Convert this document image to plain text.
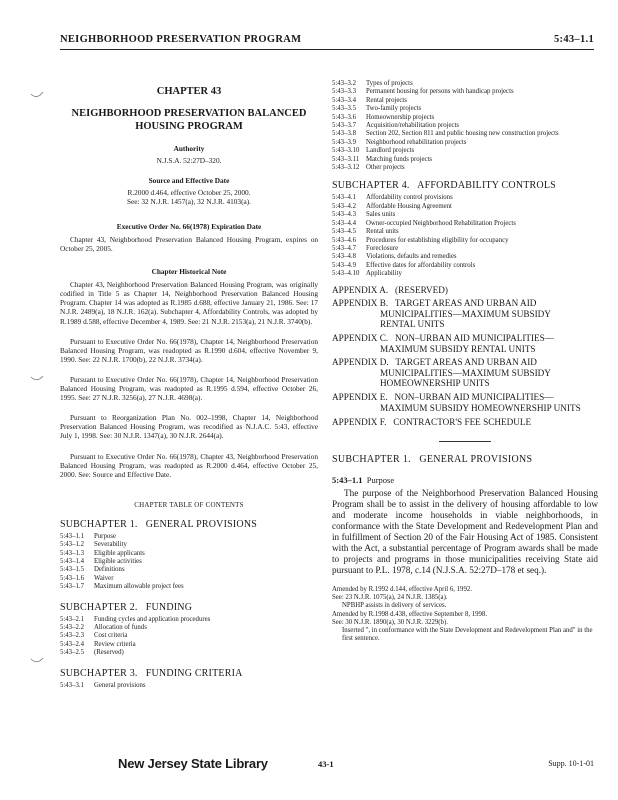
NEIGHBORHOOD PRESERVATION PROGRAM	5:43–1.1
CHAPTER 43
NEIGHBORHOOD PRESERVATION BALANCED
HOUSING PROGRAM
Authority
N.J.S.A. 52:27D–320.
Source and Effective Date
R.2000 d.464, effective October 25, 2000.
See: 32 N.J.R. 1457(a), 32 N.J.R. 4103(a).
Executive Order No. 66(1978) Expiration Date
Chapter 43, Neighborhood Preservation Balanced Housing Program, expires on October 25, 2005.
Chapter Historical Note
Chapter 43, Neighborhood Preservation Balanced Housing Program, was originally codified in Title 5 as Chapter 14, Neighborhood Preservation Balanced Housing Program. Chapter 14 was adopted as R.1985 d.688, effective January 21, 1986. See: 17 N.J.R. 2489(a), 18 N.J.R. 162(a). Subchapter 4, Affordability Controls, was adopted by R.1989 d.588, effective December 4, 1989. See: 21 N.J.R. 2153(a), 21 N.J.R. 3740(b).
Pursuant to Executive Order No. 66(1978), Chapter 14, Neighborhood Preservation Balanced Housing Program, was readopted as R.1990 d.604, effective November 9, 1990. See: 22 N.J.R. 1700(b), 22 N.J.R. 3734(a).
Pursuant to Executive Order No. 66(1978), Chapter 14, Neighborhood Preservation Balanced Housing Program, was readopted as R.1995 d.594, effective October 26, 1995. See: 27 N.J.R. 3256(a), 27 N.J.R. 4698(a).
Pursuant to Reorganization Plan No. 002–1998, Chapter 14, Neighborhood Preservation Balanced Housing Program, was recodified as N.J.A.C. 5:43, effective July 1, 1998. See: 30 N.J.R. 1347(a), 30 N.J.R. 2644(a).
Pursuant to Executive Order No. 66(1978), Chapter 43, Neighborhood Preservation Balanced Housing Program, was readopted as R.2000 d.464, effective October 25, 2000. See: Source and Effective Date.
CHAPTER TABLE OF CONTENTS
SUBCHAPTER 1.   GENERAL PROVISIONS
5:43–1.1	Purpose
5:43–1.2	Severability
5:43–1.3	Eligible applicants
5:43–1.4	Eligible activities
5:43–1.5	Definitions
5:43–1.6	Waiver
5:43–1.7	Maximum allowable project fees
SUBCHAPTER 2.   FUNDING
5:43–2.1	Funding cycles and application procedures
5:43–2.2	Allocation of funds
5:43–2.3	Cost criteria
5:43–2.4	Review criteria
5:43–2.5	(Reserved)
SUBCHAPTER 3.   FUNDING CRITERIA
5:43–3.1	General provisions
5:43–3.2	Types of projects
5:43–3.3	Permanent housing for persons with handicap projects
5:43–3.4	Rental projects
5:43–3.5	Two-family projects
5:43–3.6	Homeownership projects
5:43–3.7	Acquisition/rehabilitation projects
5:43–3.8	Section 202, Section 811 and public housing new construction projects
5:43–3.9	Neighborhood rehabilitation projects
5:43–3.10 Landlord projects
5:43–3.11	Matching funds projects
5:43–3.12 Other projects
SUBCHAPTER 4.   AFFORDABILITY CONTROLS
5:43–4.1	Affordability control provisions
5:43–4.2	Affordable Housing Agreement
5:43–4.3	Sales units
5:43–4.4	Owner-occupied Neighborhood Rehabilitation Projects
5:43–4.5	Rental units
5:43–4.6	Procedures for establishing eligibility for occupancy
5:43–4.7	Foreclosure
5:43–4.8	Violations, defaults and remedies
5:43–4.9	Effective dates for affordability controls
5:43–4.10 Applicability
APPENDIX A.   (RESERVED)
APPENDIX B.   TARGET AREAS AND URBAN AID
MUNICIPALITIES—MAXIMUM SUBSIDY
RENTAL UNITS
APPENDIX C.   NON–URBAN AID MUNICIPALITIES—
MAXIMUM SUBSIDY RENTAL UNITS
APPENDIX D.   TARGET AREAS AND URBAN AID
MUNICIPALITIES—MAXIMUM SUBSIDY
HOMEOWNERSHIP UNITS
APPENDIX E.   NON–URBAN AID MUNICIPALITIES—
MAXIMUM SUBSIDY HOMEOWNERSHIP UNITS
APPENDIX F.   CONTRACTOR'S FEE SCHEDULE
SUBCHAPTER 1.   GENERAL PROVISIONS
5:43–1.1 Purpose
The purpose of the Neighborhood Preservation Balanced Housing Program shall be to assist in the delivery of housing affordable to low and moderate income households in viable neighborhoods, in conformance with the State Development and Redevelopment Plan and in fulfillment of Section 20 of the Fair Housing Act of 1985. Consistent with the Act, a substantial percentage of Program awards shall be made to projects and programs in those municipalities receiving State aid pursuant to P.L. 1978, c.14 (N.J.S.A. 52:27D–178 et seq.).
Amended by R.1992 d.144, effective April 6, 1992.
See: 23 N.J.R. 1075(a), 24 N.J.R. 1385(a).
NPBHP assists in delivery of services.
Amended by R.1998 d.438, effective September 8, 1998.
See: 30 N.J.R. 1890(a), 30 N.J.R. 3229(b).
Inserted ", in conformance with the State Development and Redevelopment Plan and" in the first sentence.
New Jersey State Library	43-1	Supp. 10-1-01
